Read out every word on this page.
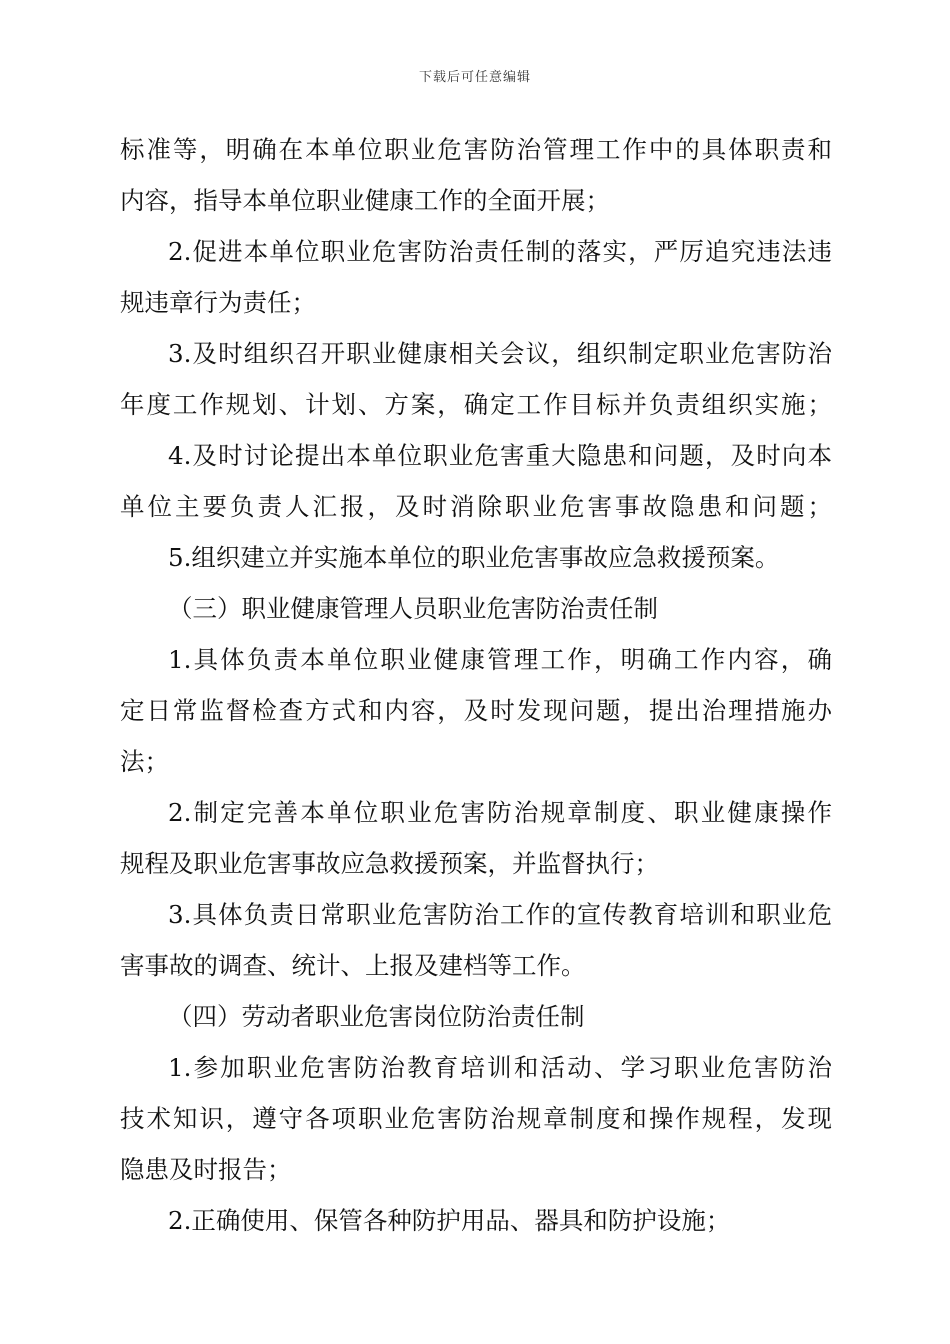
下载后可任意编辑
标准等，明确在本单位职业危害防治管理工作中的具体职责和
内容，指导本单位职业健康工作的全面开展；
2.促进本单位职业危害防治责任制的落实，严厉追究违法违
规违章行为责任；
3.及时组织召开职业健康相关会议，组织制定职业危害防治
年度工作规划、计划、方案，确定工作目标并负责组织实施；
4.及时讨论提出本单位职业危害重大隐患和问题，及时向本
单位主要负责人汇报，及时消除职业危害事故隐患和问题；
5.组织建立并实施本单位的职业危害事故应急救援预案。
（三）职业健康管理人员职业危害防治责任制
1.具体负责本单位职业健康管理工作，明确工作内容，确
定日常监督检查方式和内容，及时发现问题，提出治理措施办
法；
2.制定完善本单位职业危害防治规章制度、职业健康操作
规程及职业危害事故应急救援预案，并监督执行；
3.具体负责日常职业危害防治工作的宣传教育培训和职业危
害事故的调查、统计、上报及建档等工作。
（四）劳动者职业危害岗位防治责任制
1.参加职业危害防治教育培训和活动、学习职业危害防治
技术知识，遵守各项职业危害防治规章制度和操作规程，发现
隐患及时报告；
2.正确使用、保管各种防护用品、器具和防护设施；
